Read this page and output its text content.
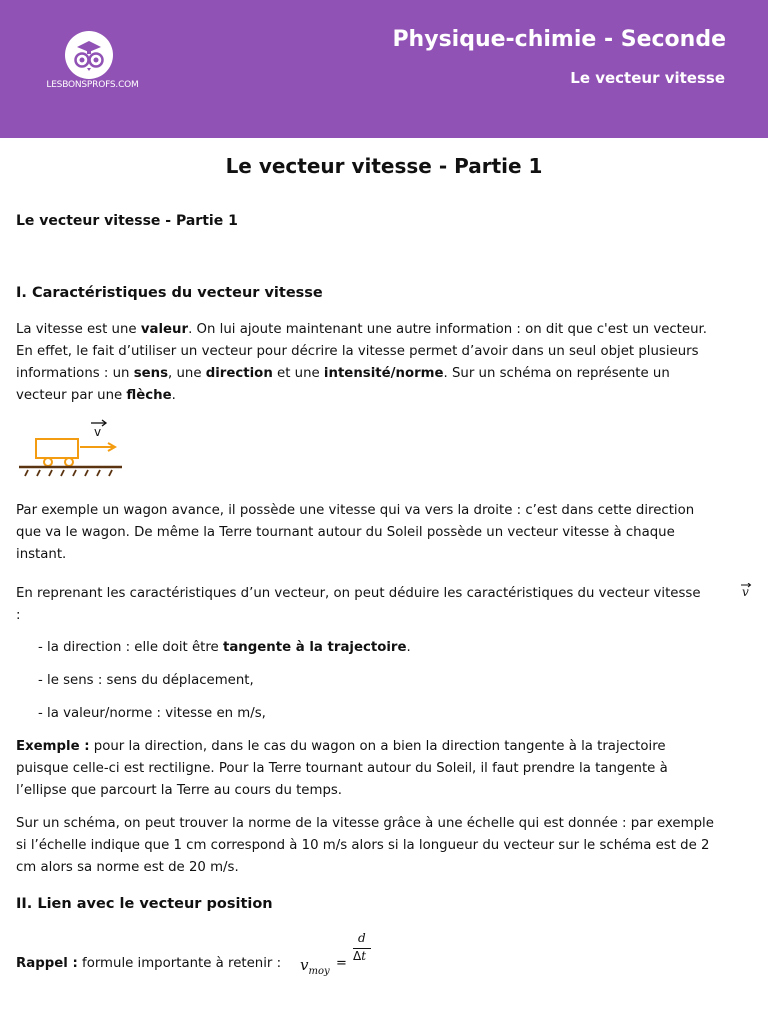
LESBONSPROFS.COM
Physique-chimie - Seconde
Le vecteur vitesse
Le vecteur vitesse - Partie 1
Le vecteur vitesse - Partie 1
I. Caractéristiques du vecteur vitesse
La vitesse est une valeur. On lui ajoute maintenant une autre information : on dit que c'est un vecteur.
En effet, le fait d’utiliser un vecteur pour décrire la vitesse permet d’avoir dans un seul objet plusieurs
informations : un sens, une direction et une intensité/norme. Sur un schéma on représente un
vecteur par une flèche.
v
Par exemple un wagon avance, il possède une vitesse qui va vers la droite : c’est dans cette direction
que va le wagon. De même la Terre tournant autour du Soleil possède un vecteur vitesse à chaque
instant.
En reprenant les caractéristiques d’un vecteur, on peut déduire les caractéristiques du vecteur vitesse
:
v
- la direction : elle doit être tangente à la trajectoire.
- le sens : sens du déplacement,
- la valeur/norme : vitesse en m/s,
Exemple : pour la direction, dans le cas du wagon on a bien la direction tangente à la trajectoire
puisque celle-ci est rectiligne. Pour la Terre tournant autour du Soleil, il faut prendre la tangente à
l’ellipse que parcourt la Terre au cours du temps.
Sur un schéma, on peut trouver la norme de la vitesse grâce à une échelle qui est donnée : par exemple
si l’échelle indique que 1 cm correspond à 10 m/s alors si la longueur du vecteur sur le schéma est de 2
cm alors sa norme est de 20 m/s.
II. Lien avec le vecteur position
Rappel : formule importante à retenir : $v_{moy}$
=
d
Δt
